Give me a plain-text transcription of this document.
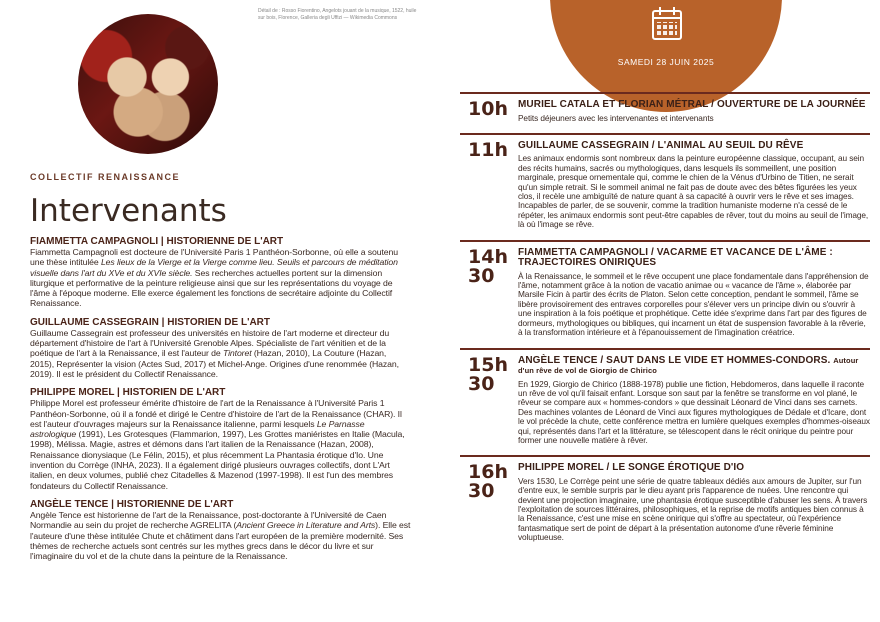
Détail de : Rosso Fiorentino, Angelots jouant de la musique, 1522, huile sur bois, Florence, Galleria degli Uffizi — Wikimedia Commons
COLLECTIF RENAISSANCE
Intervenants
FIAMMETTA CAMPAGNOLI | HISTORIENNE DE L'ART

Fiammetta Campagnoli est docteure de l'Université Paris 1 Panthéon-Sorbonne, où elle a soutenu une thèse intitulée Les lieux de la Vierge et la Vierge comme lieu. Seuils et parcours de méditation visuelle dans l'art du XVe et du XVIe siècle. Ses recherches actuelles portent sur la dimension liturgique et performative de la peinture religieuse ainsi que sur les représentations du voyage de l'âme à l'époque moderne. Elle exerce également les fonctions de secrétaire adjointe du Collectif Renaissance.

GUILLAUME CASSEGRAIN | HISTORIEN DE L'ART

Guillaume Cassegrain est professeur des universités en histoire de l'art moderne et directeur du département d'histoire de l'art à l'Université Grenoble Alpes. Spécialiste de l'art vénitien et de la poétique de l'art à la Renaissance, il est l'auteur de Tintoret (Hazan, 2010), La Couture (Hazan, 2015), Représenter la vision (Actes Sud, 2017) et Michel-Ange. Origines d'une renommée (Hazan, 2019). Il est le président du Collectif Renaissance.

PHILIPPE MOREL | HISTORIEN DE L'ART

Philippe Morel est professeur émérite d'histoire de l'art de la Renaissance à l'Université Paris 1 Panthéon-Sorbonne, où il a fondé et dirigé le Centre d'histoire de l'art de la Renaissance (CHAR). Il est l'auteur d'ouvrages majeurs sur la Renaissance italienne, parmi lesquels Le Parnasse astrologique (1991), Les Grotesques (Flammarion, 1997), Les Grottes maniéristes en Italie (Macula, 1998), Mélissa. Magie, astres et démons dans l'art italien de la Renaissance (Hazan, 2008), Renaissance dionysiaque (Le Félin, 2015), et plus récemment La Phantasia érotique d'Io. Une invention du Corrège (INHA, 2023). Il a également dirigé plusieurs ouvrages collectifs, dont L'Art italien, en deux volumes, publié chez Citadelles & Mazenod (1997-1998). Il est l'un des membres fondateurs du Collectif Renaissance.

ANGÈLE TENCE | HISTORIENNE DE L'ART

Angèle Tence est historienne de l'art de la Renaissance, post-doctorante à l'Université de Caen Normandie au sein du projet de recherche AGRELITA (Ancient Greece in Literature and Arts). Elle est l'auteure d'une thèse intitulée Chute et châtiment dans l'art européen de la première modernité. Ses thèmes de recherche actuels sont centrés sur les mythes grecs dans le décor du livre et sur l'imaginaire du vol et de la chute dans la peinture de la Renaissance.

SAMEDI 28 JUIN 2025
10h MURIEL CATALA ET FLORIAN MÉTRAL / OUVERTURE DE LA JOURNÉE
Petits déjeuners avec les intervenantes et intervenants
11h GUILLAUME CASSEGRAIN / L'ANIMAL AU SEUIL DU RÊVE
Les animaux endormis sont nombreux dans la peinture européenne classique, occupant, au sein des récits humains, sacrés ou mythologiques, dans lesquels ils sommeillent, une position marginale, presque ornementale qui, comme le chien de la Vénus d'Urbino de Titien, ne serait qu'un simple retrait. Si le sommeil animal ne fait pas de doute avec des bêtes figurées les yeux clos, il recèle une ambiguïté de nature quant à sa capacité à ouvrir vers le rêve et ses images. Incapables de parler, de se souvenir, comme la tradition humaniste moderne n'a cessé de le répéter, les animaux endormis sont peut-être capables de rêver, tout du moins au seuil de l'image, là où l'image se rêve.
14h 30
FIAMMETTA CAMPAGNOLI / VACARME ET VACANCE DE L'ÂME : TRAJECTOIRES ONIRIQUES
À la Renaissance, le sommeil et le rêve occupent une place fondamentale dans l'appréhension de l'âme, notamment grâce à la notion de vacatio animae ou « vacance de l'âme », élaborée par Marsile Ficin à partir des écrits de Platon. Selon cette conception, pendant le sommeil, l'âme se libère provisoirement des entraves corporelles pour s'élever vers un principe divin ou s'ouvrir à une inspiration à la fois poétique et prophétique. Cette idée s'exprime dans l'art par des figures de dormeurs, mythologiques ou bibliques, qui incarnent un état de suspension favorable à la rêverie, à la transformation intérieure et à l'épanouissement de l'imagination créatrice.
15h 30
ANGÈLE TENCE / SAUT DANS LE VIDE ET HOMMES-CONDORS. Autour d'un rêve de vol de Giorgio de Chirico
En 1929, Giorgio de Chirico (1888-1978) publie une fiction, Hebdomeros, dans laquelle il raconte un rêve de vol qu'il faisait enfant. Lorsque son saut par la fenêtre se transforme en vol plané, le rêveur se compare aux « hommes-condors » que dessinait Léonard de Vinci dans ses carnets. Des machines volantes de Léonard de Vinci aux figures mythologiques de Dédale et d'Icare, dont le vol précède la chute, cette conférence mettra en lumière quelques exemples d'hommes-oiseaux qui, représentés dans l'art et la littérature, se télescopent dans le récit onirique du peintre pour former une nouvelle matière à rêver.
16h 30
PHILIPPE MOREL / LE SONGE ÉROTIQUE D'IO
Vers 1530, Le Corrège peint une série de quatre tableaux dédiés aux amours de Jupiter, sur l'un d'entre eux, le semble surpris par le dieu ayant pris l'apparence de nuées. Une rencontre qui devient une projection imaginaire, une phantasia érotique susceptible d'abuser les sens. À travers l'exploitation de sources littéraires, philosophiques, et la reprise de motifs antiques bien connus à la Renaissance, c'est une mise en scène onirique qui s'offre au spectateur, où l'expérience fantasmatique sert de point de départ à la présentation autonome d'une rêverie féminine voluptueuse.
